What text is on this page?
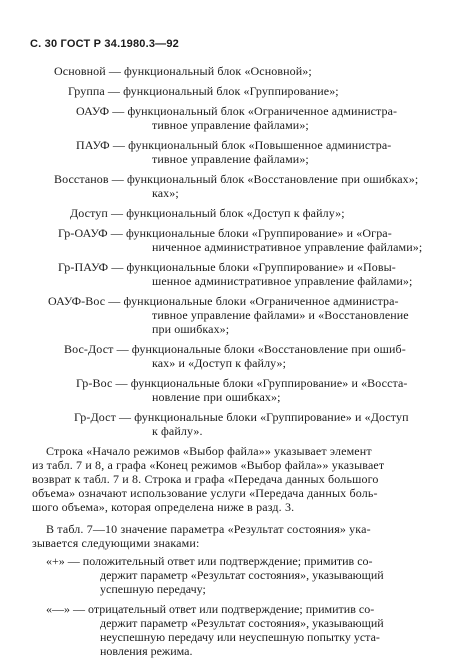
С. 30 ГОСТ Р 34.1980.3—92
Основной — функциональный блок «Основной»;
Группа — функциональный блок «Группирование»;
ОАУФ — функциональный блок «Ограниченное администра-
тивное управление файлами»;
ПАУФ — функциональный блок «Повышенное администра-
тивное управление файлами»;
Восстанов — функциональный блок «Восстановление при ошибках»;
ках»;
Доступ — функциональный блок «Доступ к файлу»;
Гр-ОАУФ — функциональные блоки «Группирование» и «Огра-
ниченное административное управление файлами»;
Гр-ПАУФ — функциональные блоки «Группирование» и «Повы-
шенное административное управление файлами»;
ОАУФ-Вос — функциональные блоки «Ограниченное администра-
тивное управление файлами» и «Восстановление
при ошибках»;
Вос-Дост — функциональные блоки «Восстановление при ошиб-
ках» и «Доступ к файлу»;
Гр-Вос — функциональные блоки «Группирование» и «Восста-
новление при ошибках»;
Гр-Дост — функциональные блоки «Группирование» и «Доступ
к файлу».
Строка «Начало режимов «Выбор файла»» указывает элемент
из табл. 7 и 8, а графа «Конец режимов «Выбор файла»» указывает
возврат к табл. 7 и 8. Строка и графа «Передача данных большого
объема» означают использование услуги «Передача данных боль-
шого объема», которая определена ниже в разд. 3.
В табл. 7—10 значение параметра «Результат состояния» ука-
зывается следующими знаками:
«+» — положительный ответ или подтверждение; примитив со-
держит параметр «Результат состояния», указывающий
успешную передачу;
«—» — отрицательный ответ или подтверждение; примитив со-
держит параметр «Результат состояния», указывающий
неуспешную передачу или неуспешную попытку уста-
новления режима.
